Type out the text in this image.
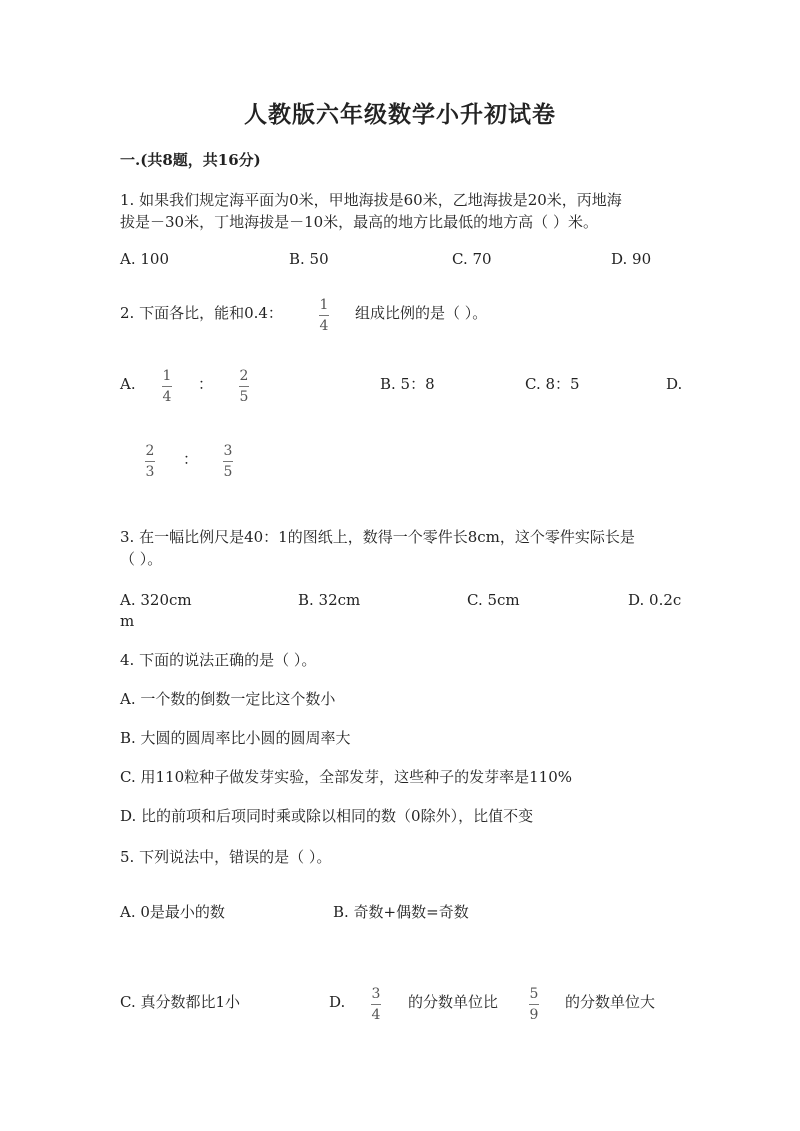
人教版六年级数学小升初试卷
一.(共8题，共16分)
1. 如果我们规定海平面为0米，甲地海拔是60米，乙地海拔是20米，丙地海
拔是－30米，丁地海拔是－10米，最高的地方比最低的地方高（ ）米。
A. 100	B. 50	C. 70	D. 90
2. 下面各比，能和0.4：	1
4
组成比例的是（ ）。
A.	1
4
：	2
5
B. 5：8	C. 8：5	D.
2
3
：	3
5
3. 在一幅比例尺是40：1的图纸上，数得一个零件长8cm，这个零件实际长是
（ ）。
A. 320cm	B. 32cm	C. 5cm	D. 0.2c
m
4. 下面的说法正确的是（ ）。
A. 一个数的倒数一定比这个数小
B. 大圆的圆周率比小圆的圆周率大
C. 用110粒种子做发芽实验，全部发芽，这些种子的发芽率是110%
D. 比的前项和后项同时乘或除以相同的数（0除外），比值不变
5. 下列说法中，错误的是（ ）。
A. 0是最小的数	B. 奇数+偶数=奇数
C. 真分数都比1小	D.	3
4
的分数单位比	5
9
的分数单位大
